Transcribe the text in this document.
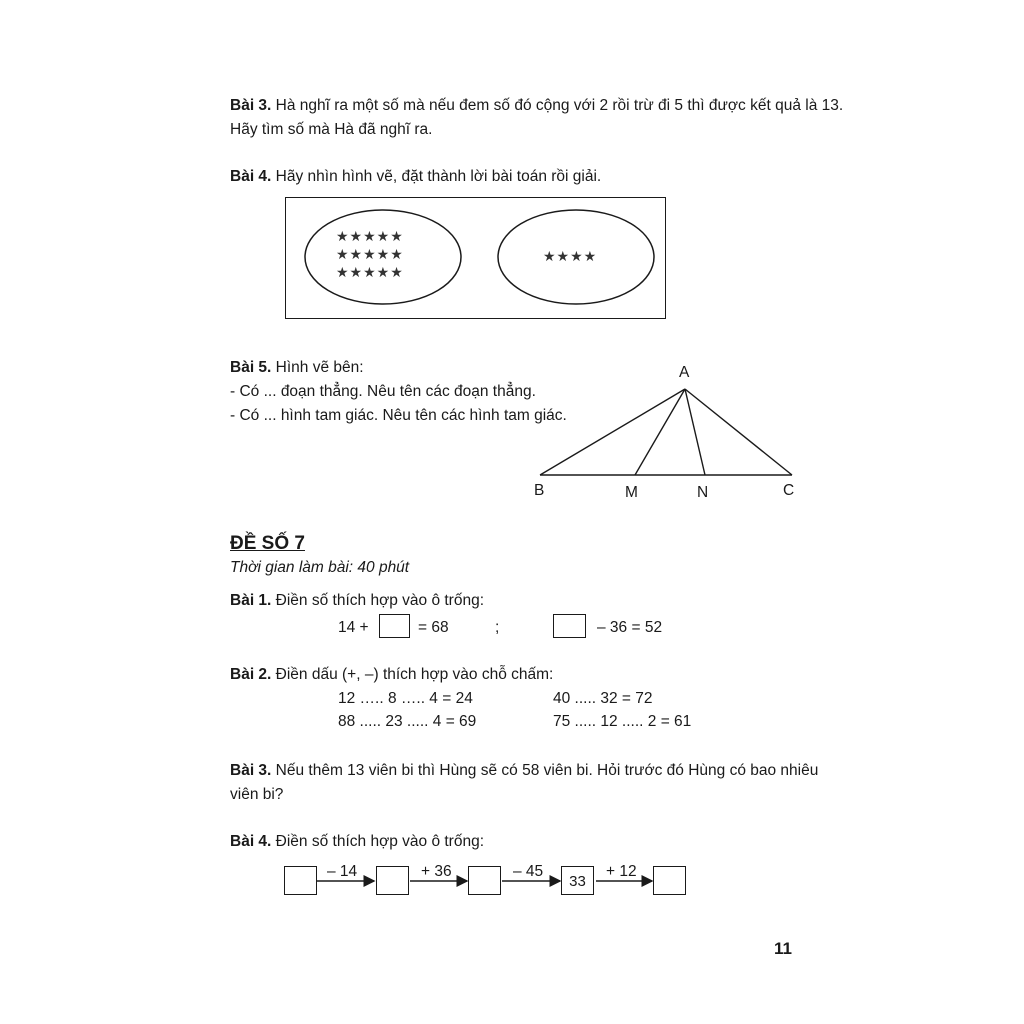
Bài 3. Hà nghĩ ra một số mà nếu đem số đó cộng với 2 rồi trừ đi 5 thì được kết quả là 13.
Hãy tìm số mà Hà đã nghĩ ra.
Bài 4. Hãy nhìn hình vẽ, đặt thành lời bài toán rồi giải.
★★★★★
★★★★★
★★★★★
★★★★
Bài 5. Hình vẽ bên:
- Có ... đoạn thẳng. Nêu tên các đoạn thẳng.
- Có ... hình tam giác. Nêu tên các hình tam giác.
A
B	M	N	C
ĐỀ SỐ 7
Thời gian làm bài: 40 phút
Bài 1. Điền số thích hợp vào ô trống:
14 +	= 68	;	– 36 = 52
Bài 2. Điền dấu (+, –) thích hợp vào chỗ chấm:
12 ….. 8 ….. 4 = 24	40 ..... 32 = 72
88 ..... 23 ..... 4 = 69	75 ..... 12 ..... 2 = 61
Bài 3. Nếu thêm 13 viên bi thì Hùng sẽ có 58 viên bi. Hỏi trước đó Hùng có bao nhiêu
viên bi?
Bài 4. Điền số thích hợp vào ô trống:
33
– 14	+ 36	– 45	+ 12
11
